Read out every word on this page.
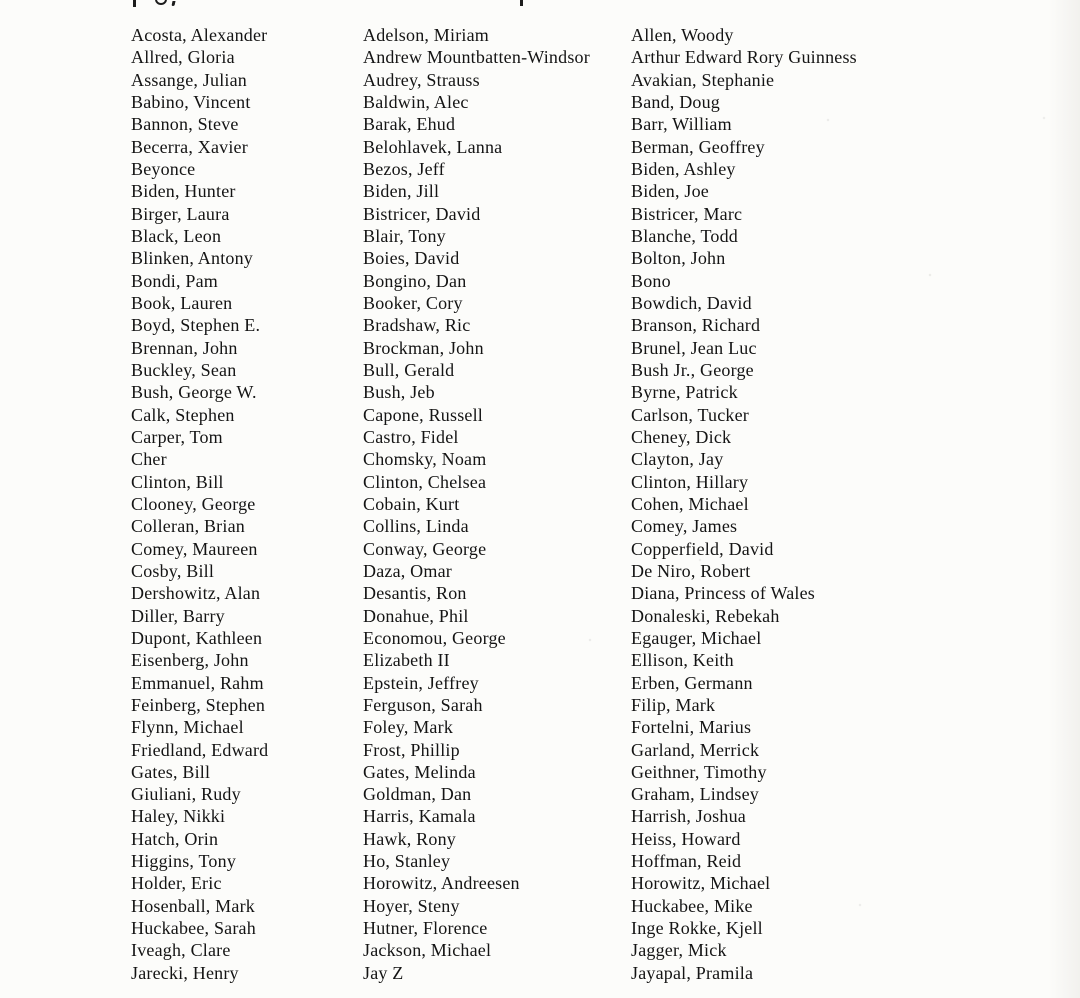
Acosta, Alexander
Allred, Gloria
Assange, Julian
Babino, Vincent
Bannon, Steve
Becerra, Xavier
Beyonce
Biden, Hunter
Birger, Laura
Black, Leon
Blinken, Antony
Bondi, Pam
Book, Lauren
Boyd, Stephen E.
Brennan, John
Buckley, Sean
Bush, George W.
Calk, Stephen
Carper, Tom
Cher
Clinton, Bill
Clooney, George
Colleran, Brian
Comey, Maureen
Cosby, Bill
Dershowitz, Alan
Diller, Barry
Dupont, Kathleen
Eisenberg, John
Emmanuel, Rahm
Feinberg, Stephen
Flynn, Michael
Friedland, Edward
Gates, Bill
Giuliani, Rudy
Haley, Nikki
Hatch, Orin
Higgins, Tony
Holder, Eric
Hosenball, Mark
Huckabee, Sarah
Iveagh, Clare
Jarecki, Henry
Adelson, Miriam
Andrew Mountbatten-Windsor
Audrey, Strauss
Baldwin, Alec
Barak, Ehud
Belohlavek, Lanna
Bezos, Jeff
Biden, Jill
Bistricer, David
Blair, Tony
Boies, David
Bongino, Dan
Booker, Cory
Bradshaw, Ric
Brockman, John
Bull, Gerald
Bush, Jeb
Capone, Russell
Castro, Fidel
Chomsky, Noam
Clinton, Chelsea
Cobain, Kurt
Collins, Linda
Conway, George
Daza, Omar
Desantis, Ron
Donahue, Phil
Economou, George
Elizabeth II
Epstein, Jeffrey
Ferguson, Sarah
Foley, Mark
Frost, Phillip
Gates, Melinda
Goldman, Dan
Harris, Kamala
Hawk, Rony
Ho, Stanley
Horowitz, Andreesen
Hoyer, Steny
Hutner, Florence
Jackson, Michael
Jay Z
Allen, Woody
Arthur Edward Rory Guinness
Avakian, Stephanie
Band, Doug
Barr, William
Berman, Geoffrey
Biden, Ashley
Biden, Joe
Bistricer, Marc
Blanche, Todd
Bolton, John
Bono
Bowdich, David
Branson, Richard
Brunel, Jean Luc
Bush Jr., George
Byrne, Patrick
Carlson, Tucker
Cheney, Dick
Clayton, Jay
Clinton, Hillary
Cohen, Michael
Comey, James
Copperfield, David
De Niro, Robert
Diana, Princess of Wales
Donaleski, Rebekah
Egauger, Michael
Ellison, Keith
Erben, Germann
Filip, Mark
Fortelni, Marius
Garland, Merrick
Geithner, Timothy
Graham, Lindsey
Harrish, Joshua
Heiss, Howard
Hoffman, Reid
Horowitz, Michael
Huckabee, Mike
Inge Rokke, Kjell
Jagger, Mick
Jayapal, Pramila
